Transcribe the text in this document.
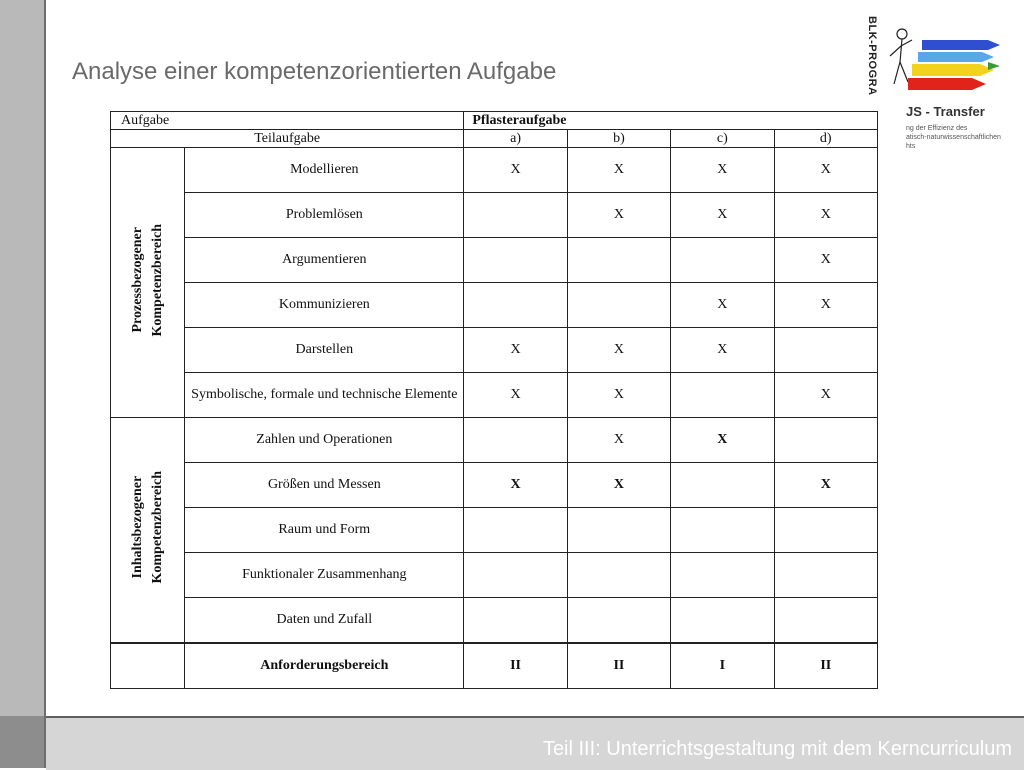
Analyse einer kompetenzorientierten Aufgabe	BLK-PROGRA
JS - Transfer
ng der Effizienz des
atisch-naturwissenschaftlichen
hts
Aufgabe		Pflasteraufgabe			
Teilaufgabe		a)	b)	c)	d)
Prozessbezogener Kompetenzbereich	Modellieren	X	X	X	X
	Problemlösen		X	X	X
	Argumentieren				X
	Kommunizieren			X	X
	Darstellen	X	X	X	
	Symbolische, formale und technische Elemente	X	X		X
Inhaltsbezogener Kompetenzbereich	Zahlen und Operationen		X	X	
	Größen und Messen	X	X		X
	Raum und Form				
	Funktionaler Zusammenhang				
	Daten und Zufall				
	Anforderungsbereich	II	II	I	II
Teil III: Unterrichtsgestaltung mit dem Kerncurriculum
